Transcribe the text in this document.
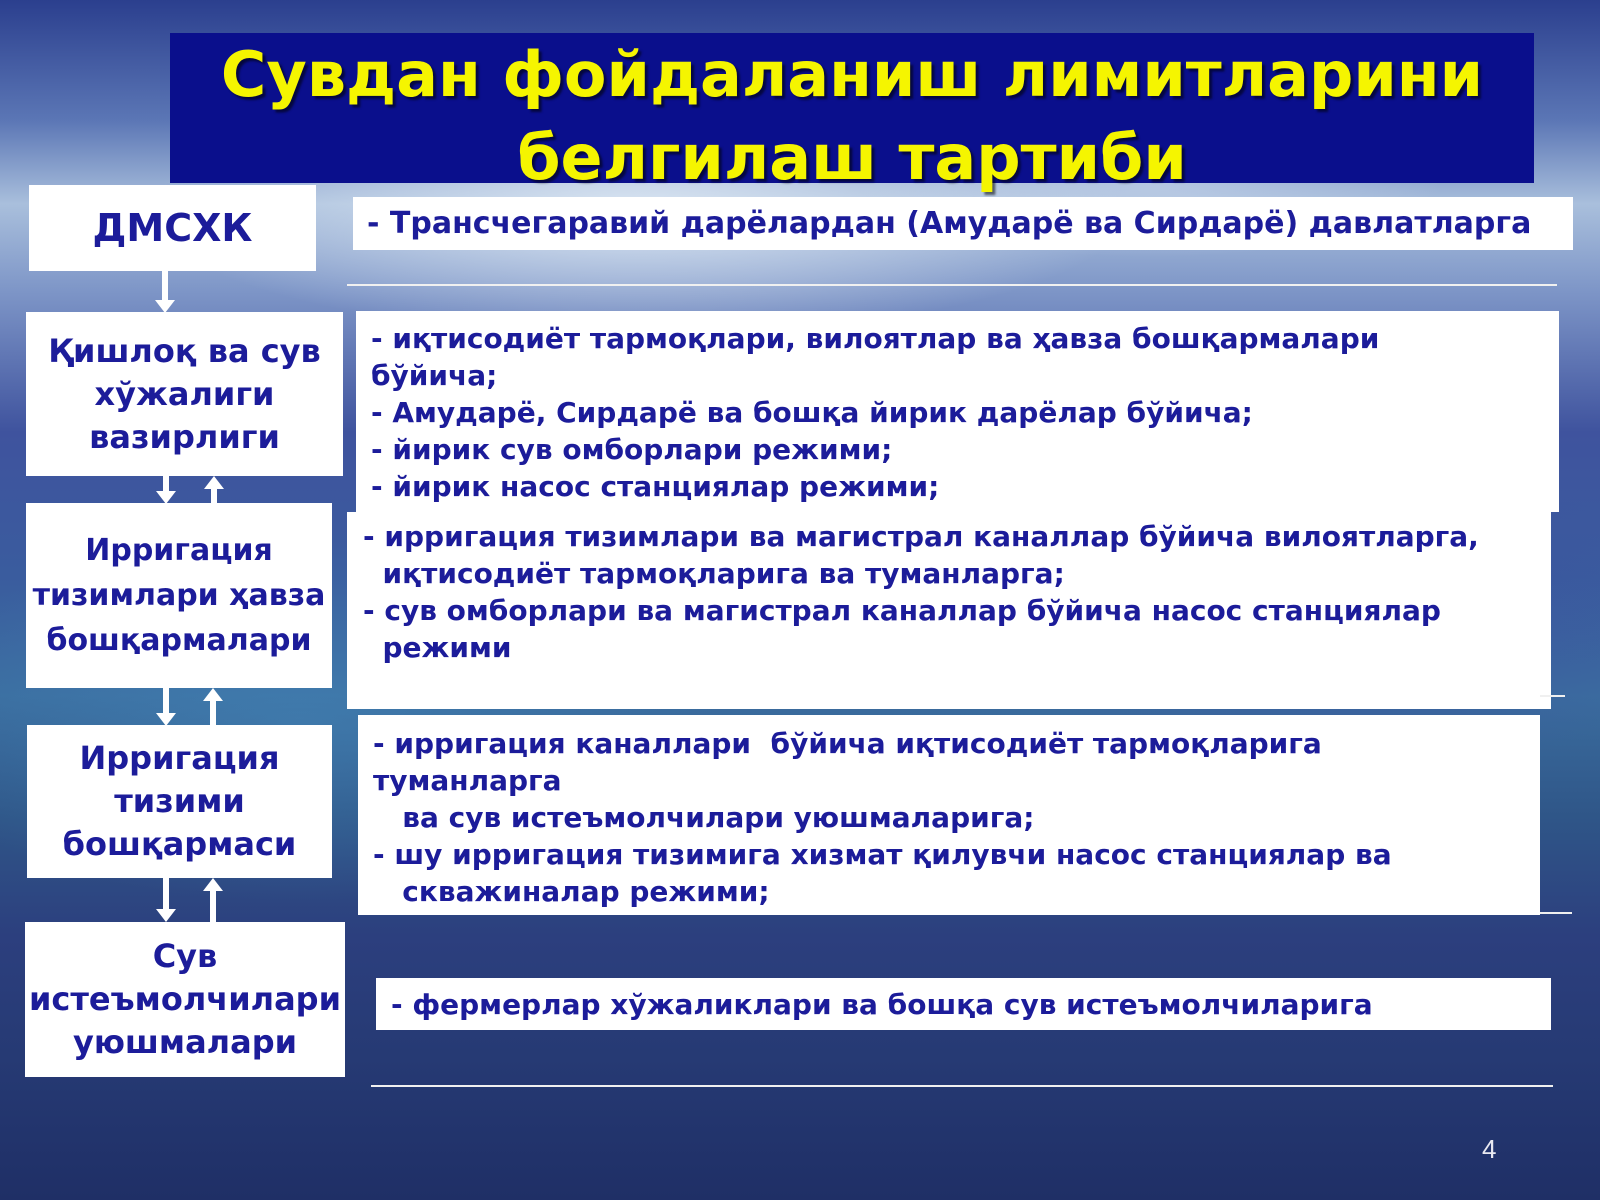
Сувдан фойдаланиш лимитларини
белгилаш тартиби
ДМСХК
Қишлоқ ва сув
хўжалиги
вазирлиги
Ирригация
тизимлари ҳавза
бошқармалари
Ирригация
тизими
бошқармаси
Сув
истеъмолчилари
уюшмалари
- Трансчегаравий дарёлардан (Амударё ва Сирдарё) давлатларга
- иқтисодиёт тармоқлари, вилоятлар ва ҳавза бошқармалари
бўйича;
- Амударё, Сирдарё ва бошқа йирик дарёлар бўйича;
- йирик сув омборлари режими;
- йирик насос станциялар режими;
- ирригация тизимлари ва магистрал каналлар бўйича вилоятларга,
иқтисодиёт тармоқларига ва туманларга;
- сув омборлари ва магистрал каналлар бўйича насос станциялар
режими
- ирригация каналлари  бўйича иқтисодиёт тармоқларига
туманларга
ва сув истеъмолчилари уюшмаларига;
- шу ирригация тизимига хизмат қилувчи насос станциялар ва
скважиналар режими;
- фермерлар хўжаликлари ва бошқа сув истеъмолчиларига
4
